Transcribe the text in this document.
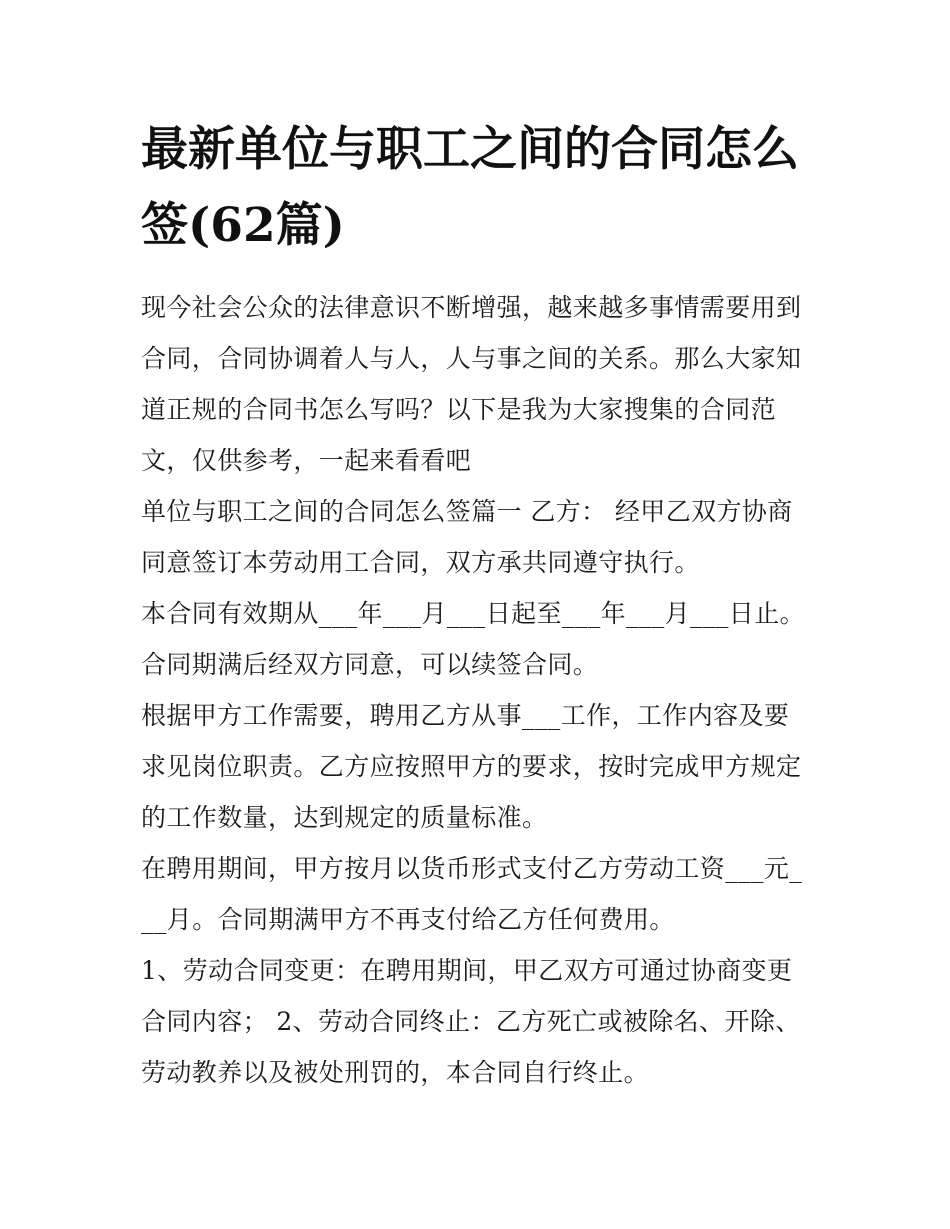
最新单位与职工之间的合同怎么签(62篇)

现今社会公众的法律意识不断增强，越来越多事情需要用到合同，合同协调着人与人，人与事之间的关系。那么大家知道正规的合同书怎么写吗？以下是我为大家搜集的合同范文，仅供参考，一起来看看吧

单位与职工之间的合同怎么签篇一 乙方： 经甲乙双方协商同意签订本劳动用工合同，双方承共同遵守执行。

本合同有效期从___年___月___日起至___年___月___日止。合同期满后经双方同意，可以续签合同。

根据甲方工作需要，聘用乙方从事___工作，工作内容及要求见岗位职责。乙方应按照甲方的要求，按时完成甲方规定的工作数量，达到规定的质量标准。

在聘用期间，甲方按月以货币形式支付乙方劳动工资___元___月。合同期满甲方不再支付给乙方任何费用。

1、劳动合同变更：在聘用期间，甲乙双方可通过协商变更合同内容； 2、劳动合同终止：乙方死亡或被除名、开除、劳动教养以及被处刑罚的，本合同自行终止。
